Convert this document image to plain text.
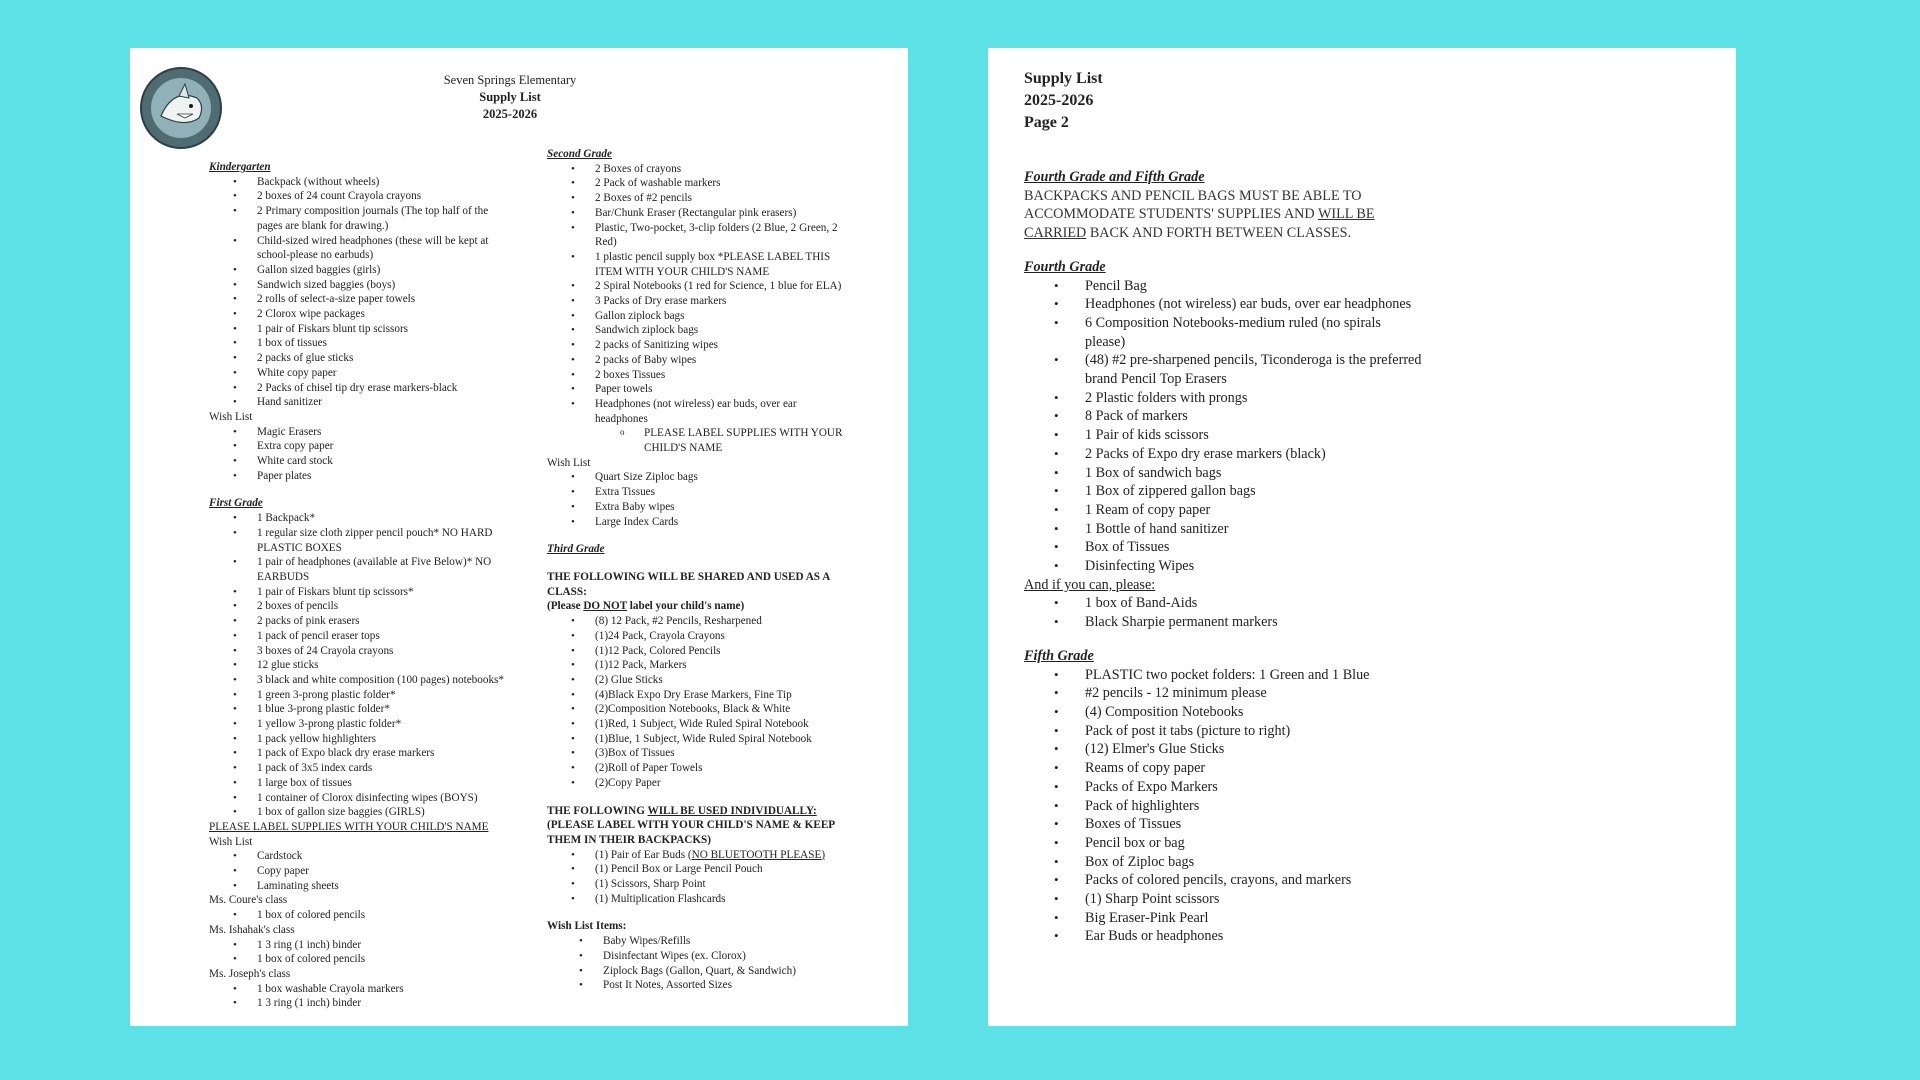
Seven Springs Elementary
Supply List
2025-2026

Kindergarten

• Backpack (without wheels)
• 2 boxes of 24 count Crayola crayons
• 2 Primary composition journals (The top half of the pages are blank for drawing.)
• Child-sized wired headphones (these will be kept at school-please no earbuds)
• Gallon sized baggies (girls)
• Sandwich sized baggies (boys)
• 2 rolls of select-a-size paper towels
• 2 Clorox wipe packages
• 1 pair of Fiskars blunt tip scissors
• 1 box of tissues
• 2 packs of glue sticks
• White copy paper
• 2 Packs of chisel tip dry erase markers-black
• Hand sanitizer

Wish List

• Magic Erasers
• Extra copy paper
• White card stock
• Paper plates

First Grade

• 1 Backpack*
• 1 regular size cloth zipper pencil pouch* NO HARD PLASTIC BOXES
• 1 pair of headphones (available at Five Below)* NO EARBUDS
• 1 pair of Fiskars blunt tip scissors*
• 2 boxes of pencils
• 2 packs of pink erasers
• 1 pack of pencil eraser tops
• 3 boxes of 24 Crayola crayons
• 12 glue sticks
• 3 black and white composition (100 pages) notebooks*
• 1 green 3-prong plastic folder*
• 1 blue 3-prong plastic folder*
• 1 yellow 3-prong plastic folder*
• 1 pack yellow highlighters
• 1 pack of Expo black dry erase markers
• 1 pack of 3x5 index cards
• 1 large box of tissues
• 1 container of Clorox disinfecting wipes (BOYS)
• 1 box of gallon size baggies (GIRLS)

PLEASE LABEL SUPPLIES WITH YOUR CHILD'S NAME

Wish List

• Cardstock
• Copy paper
• Laminating sheets

Ms. Coure's class

• 1 box of colored pencils

Ms. Ishahak's class

• 1 3 ring (1 inch) binder
• 1 box of colored pencils

Ms. Joseph's class

• 1 box washable Crayola markers
• 1 3 ring (1 inch) binder

Second Grade

• 2 Boxes of crayons
• 2 Pack of washable markers
• 2 Boxes of #2 pencils
• Bar/Chunk Eraser (Rectangular pink erasers)
• Plastic, Two-pocket, 3-clip folders (2 Blue, 2 Green, 2 Red)
• 1 plastic pencil supply box *PLEASE LABEL THIS ITEM WITH YOUR CHILD'S NAME
• 2 Spiral Notebooks (1 red for Science, 1 blue for ELA)
• 3 Packs of Dry erase markers
• Gallon ziplock bags
• Sandwich ziplock bags
• 2 packs of Sanitizing wipes
• 2 packs of Baby wipes
• 2 boxes Tissues
• Paper towels
• Headphones (not wireless) ear buds, over ear headphones
o PLEASE LABEL SUPPLIES WITH YOUR CHILD'S NAME

Wish List

• Quart Size Ziploc bags
• Extra Tissues
• Extra Baby wipes
• Large Index Cards

Third Grade

THE FOLLOWING WILL BE SHARED AND USED AS A CLASS:

(Please DO NOT label your child's name)

• (8) 12 Pack, #2 Pencils, Resharpened
• (1)24 Pack, Crayola Crayons
• (1)12 Pack, Colored Pencils
• (1)12 Pack, Markers
• (2) Glue Sticks
• (4)Black Expo Dry Erase Markers, Fine Tip
• (2)Composition Notebooks, Black & White
• (1)Red, 1 Subject, Wide Ruled Spiral Notebook
• (1)Blue, 1 Subject, Wide Ruled Spiral Notebook
• (3)Box of Tissues
• (2)Roll of Paper Towels
• (2)Copy Paper

THE FOLLOWING WILL BE USED INDIVIDUALLY:

(PLEASE LABEL WITH YOUR CHILD'S NAME & KEEP THEM IN THEIR BACKPACKS)

• (1) Pair of Ear Buds (NO BLUETOOTH PLEASE)
• (1) Pencil Box or Large Pencil Pouch
• (1) Scissors, Sharp Point
• (1) Multiplication Flashcards

Wish List Items:

• Baby Wipes/Refills
• Disinfectant Wipes (ex. Clorox)
• Ziplock Bags (Gallon, Quart, & Sandwich)
• Post It Notes, Assorted Sizes
Supply List
2025-2026
Page 2

Fourth Grade and Fifth Grade

BACKPACKS AND PENCIL BAGS MUST BE ABLE TO ACCOMMODATE STUDENTS' SUPPLIES AND WILL BE CARRIED BACK AND FORTH BETWEEN CLASSES.

Fourth Grade

• Pencil Bag
• Headphones (not wireless) ear buds, over ear headphones
• 6 Composition Notebooks-medium ruled (no spirals please)
• (48) #2 pre-sharpened pencils, Ticonderoga is the preferred brand Pencil Top Erasers
• 2 Plastic folders with prongs
• 8 Pack of markers
• 1 Pair of kids scissors
• 2 Packs of Expo dry erase markers (black)
• 1 Box of sandwich bags
• 1 Box of zippered gallon bags
• 1 Ream of copy paper
• 1 Bottle of hand sanitizer
• Box of Tissues
• Disinfecting Wipes

And if you can, please:

• 1 box of Band-Aids
• Black Sharpie permanent markers

Fifth Grade

• PLASTIC two pocket folders: 1 Green and 1 Blue
• #2 pencils - 12 minimum please
• (4) Composition Notebooks
• Pack of post it tabs (picture to right)
• (12) Elmer's Glue Sticks
• Reams of copy paper
• Packs of Expo Markers
• Pack of highlighters
• Boxes of Tissues
• Pencil box or bag
• Box of Ziploc bags
• Packs of colored pencils, crayons, and markers
• (1) Sharp Point scissors
• Big Eraser-Pink Pearl
• Ear Buds or headphones
